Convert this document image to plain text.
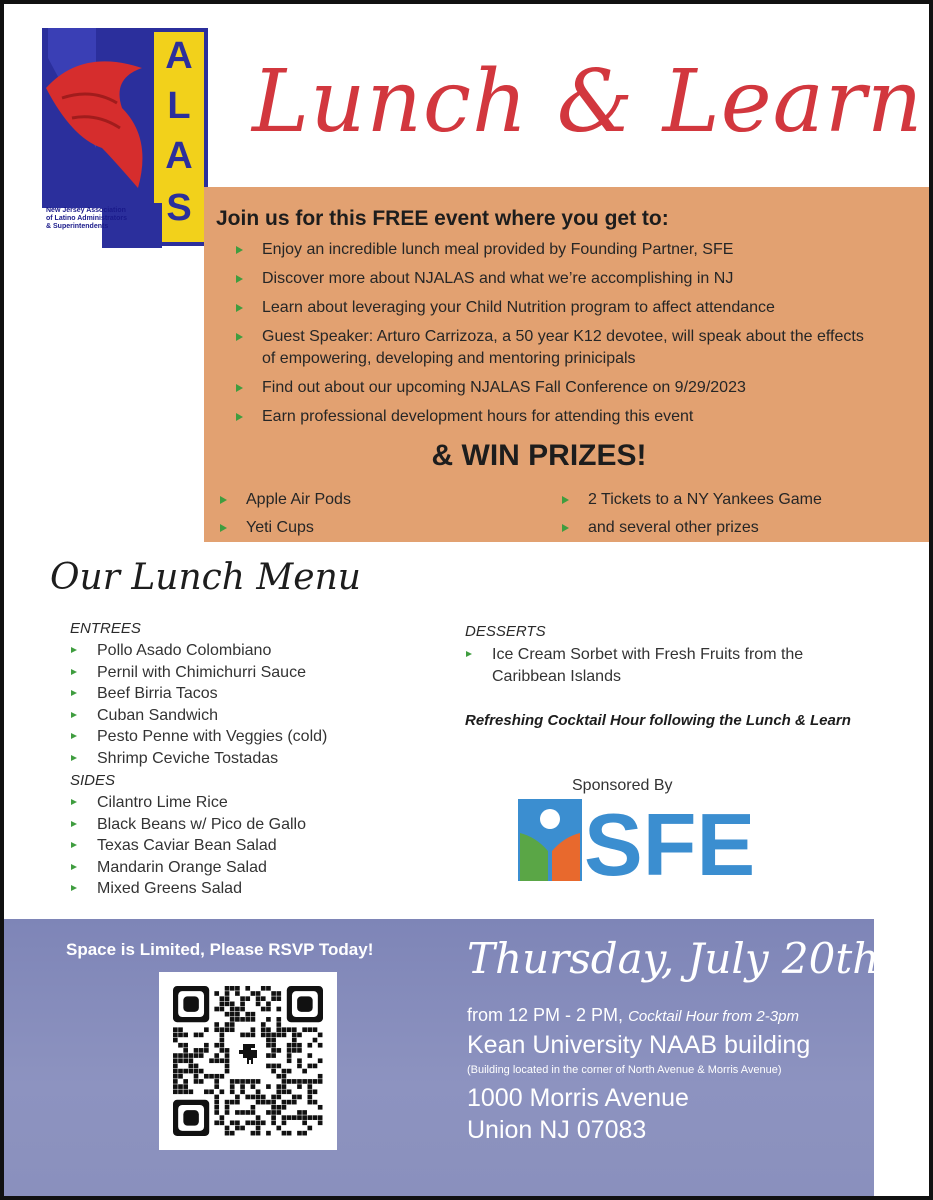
A
L
A
S
New Jersey Association
of Latino Administrators
& Superintendents
Lunch & Learn
Join us for this FREE event where you get to:
Enjoy an incredible lunch meal provided by Founding Partner, SFE
Discover more about NJALAS and what we’re accomplishing in NJ
Learn about leveraging your Child Nutrition program to affect attendance
Guest Speaker: Arturo Carrizoza, a 50 year K12 devotee, will speak about the effects of empowering, developing and mentoring prinicipals
Find out about our upcoming NJALAS Fall Conference on 9/29/2023
Earn professional development hours for attending this event
& WIN PRIZES!
Apple Air Pods
Yeti Cups
2 Tickets to a NY Yankees Game
and several other prizes
Our Lunch Menu
ENTREES
Pollo Asado Colombiano
Pernil with Chimichurri Sauce
Beef Birria Tacos
Cuban Sandwich
Pesto Penne with Veggies (cold)
Shrimp Ceviche Tostadas
SIDES
Cilantro Lime Rice
Black Beans w/ Pico de Gallo
Texas Caviar Bean Salad
Mandarin Orange Salad
Mixed Greens Salad
DESSERTS
Ice Cream Sorbet with Fresh Fruits from the Caribbean Islands
Refreshing Cocktail Hour following the Lunch & Learn
Sponsored By
SFE
Space is Limited, Please RSVP Today! Thursday, July 20th
from 12 PM - 2 PM, Cocktail Hour from 2-3pm
Kean University NAAB building
(Building located in the corner of North Avenue & Morris Avenue)
1000 Morris Avenue
Union NJ 07083
